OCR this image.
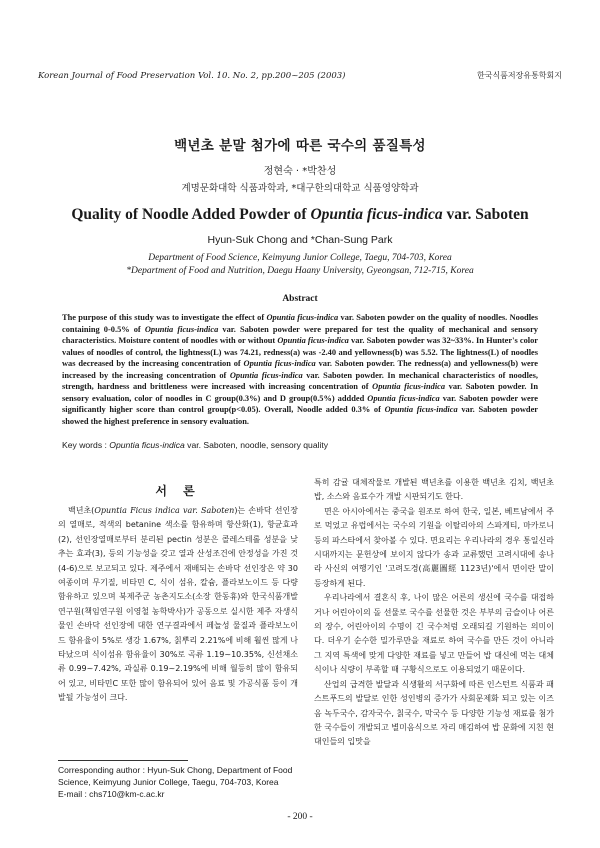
Korean Journal of Food Preservation Vol. 10. No. 2, pp.200~205 (2003)	한국식품저장유통학회지
백년초 분말 첨가에 따른 국수의 품질특성
정현숙 · *박찬성
계명문화대학 식품과학과, *대구한의대학교 식품영양학과
Quality of Noodle Added Powder of Opuntia ficus-indica var. Saboten
Hyun-Suk Chong and *Chan-Sung Park
Department of Food Science, Keimyung Junior College, Taegu, 704-703, Korea
*Department of Food and Nutrition, Daegu Haany University, Gyeongsan, 712-715, Korea
Abstract
The purpose of this study was to investigate the effect of Opuntia ficus-indica var. Saboten powder on the quality of noodles. Noodles containing 0-0.5% of Opuntia ficus-indica var. Saboten powder were prepared for test the quality of mechanical and sensory characteristics. Moisture content of noodles with or without Opuntia ficus-indica var. Saboten powder was 32~33%. In Hunter's color values of noodles of control, the lightness(L) was 74.21, redness(a) was -2.40 and yellowness(b) was 5.52. The lightness(L) of noodles was decreased by the increasing concentration of Opuntia ficus-indica var. Saboten powder. The redness(a) and yellowness(b) were increased by the increasing concentration of Opuntia ficus-indica var. Saboten powder. In mechanical characteristics of noodles, strength, hardness and brittleness were increased with increasing concentration of Opuntia ficus-indica var. Saboten powder. In sensory evaluation, color of noodles in C group(0.3%) and D group(0.5%) addded Opuntia ficus-indica var. Saboten powder were significantly higher score than control group(p<0.05). Overall, Noodle added 0.3% of Opuntia ficus-indica var. Saboten powder showed the highest preference in sensory evaluation.
Key words : Opuntia ficus-indica var. Saboten, noodle, sensory quality
서 론

백년초(Opuntia Ficus indica var. Saboten)는 손바닥 선인장의 열매로, 적색의 betanine 색소를 함유하며 항산화(1), 항균효과(2), 선인장열매로부터 분리된 pectin 성분은 콜레스테롤 성분을 낮추는 효과(3), 등의 기능성을 갖고 열과 산성조건에 안정성을 가진 것(4-6)으로 보고되고 있다. 제주에서 재배되는 손바닥 선인장은 약 30여종이며 무기질, 비타민 C, 식이 섬유, 칼슘, 플라보노이드 등 다량 함유하고 있으며 북제주군 농촌지도소(소장 한동휴)와 한국식품개발연구원(책임연구원 이영철 농학박사)가 공동으로 실시한 제주 자생식물인 손바닥 선인장에 대한 연구결과에서 페놀성 물질과 플라보노이드 함유율이 5%로 생강 1.67%, 칡뿌리 2.21%에 비해 훨씬 많게 나타났으며 식이섬유 함유율이 30%로 곡류 1.19~10.35%, 신선채소류 0.99~7.42%, 과실류 0.19~2.19%에 비해 월등히 많이 함유되어 있고, 비타민C 또한 많이 함유되어 있어 음료 및 가공식품 등이 개발될 가능성이 크다.

특히 감귤 대체작물로 개발된 백년초를 이용한 백년초 김치, 백년초 밥, 소스와 음료수가 개발 시판되기도 한다.

면은 아시아에서는 중국을 원조로 하여 한국, 일본, 베트남에서 주로 먹었고 유럽에서는 국수의 기원을 이탈리아의 스파게티, 마카로니 등의 파스타에서 찾아볼 수 있다. 면요리는 우리나라의 경우 통일신라시대까지는 문헌상에 보이지 않다가 송과 교류했던 고려시대에 송나라 사신의 여행기인 '고려도경(高麗圖經 1123년)'에서 면이란 말이 등장하게 된다.

우리나라에서 결혼식 후, 나이 많은 어른의 생신에 국수를 대접하거나 어린아이의 돌 선물로 국수를 선물한 것은 부부의 금슬이나 어른의 장수, 어린아이의 수명이 긴 국수처럼 오래되길 기원하는 의미이다. 더우기 순수한 밀가루만을 재료로 하여 국수를 만든 것이 아니라 그 지역 특색에 맞게 다양한 재료를 넣고 만들어 밥 대신에 먹는 대체식이나 식량이 부족할 때 구황식으로도 이용되었기 때문이다.

산업의 급격한 발달과 식생활의 서구화에 따른 인스턴트 식품과 패스트푸드의 발달로 인한 성인병의 증가가 사회문제화 되고 있는 이즈음 녹두국수, 감자국수, 칡국수, 막국수 등 다양한 기능성 재료를 첨가한 국수들이 개발되고 별미음식으로 자리 매김하여 밥 문화에 지친 현대인들의 입맛을

Corresponding author : Hyun-Suk Chong, Department of Food
Science, Keimyung Junior College, Taegu, 704-703, Korea
E-mail : chs710@km-c.ac.kr
- 200 -
